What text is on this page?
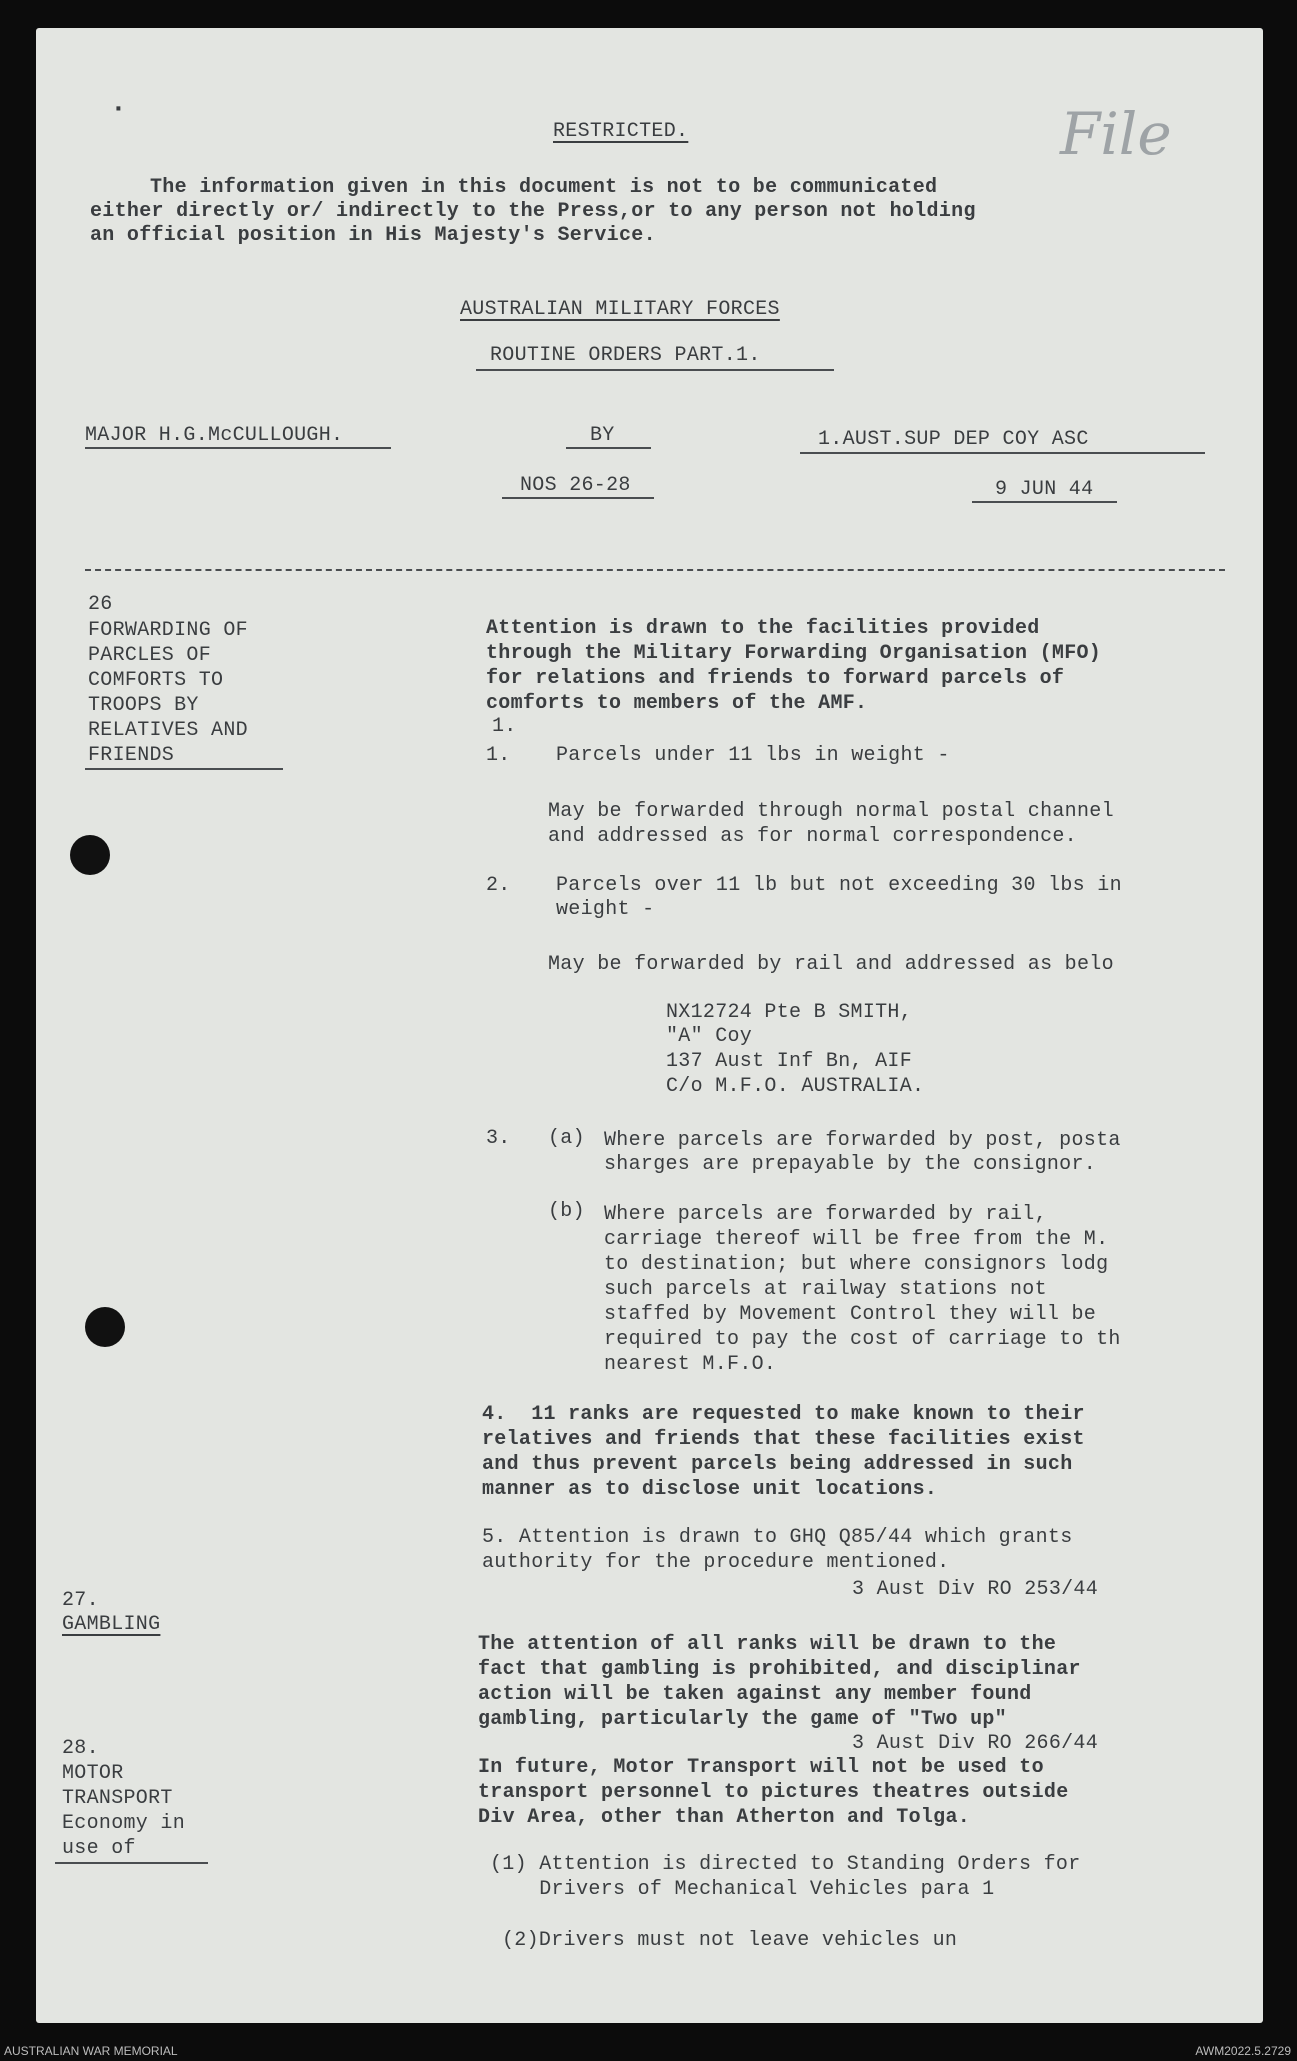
File
·
RESTRICTED.
The information given in this document is not to be communicated
either directly or/ indirectly to the Press,or to any person not holding
an official position in His Majesty's Service.
AUSTRALIAN MILITARY FORCES
ROUTINE ORDERS PART.1.
MAJOR H.G.McCULLOUGH.	BY	1.AUST.SUP DEP COY ASC
NOS 26-28	9 JUN 44
26
FORWARDING OF
PARCLES OF
COMFORTS TO
TROOPS BY
RELATIVES AND
FRIENDS
Attention is drawn to the facilities provided
through the Military Forwarding Organisation (MFO)
for relations and friends to forward parcels of
comforts to members of the AMF.
1.
1. Parcels under 11 lbs in weight -
May be forwarded through normal postal channel
and addressed as for normal correspondence.
2. Parcels over 11 lb but not exceeding 30 lbs in
weight -
May be forwarded by rail and addressed as belo
NX12724 Pte B SMITH,
"A" Coy
137 Aust Inf Bn, AIF
C/o M.F.O. AUSTRALIA.
3. (a) Where parcels are forwarded by post, posta
sharges are prepayable by the consignor.
(b) Where parcels are forwarded by rail,
carriage thereof will be free from the M.
to destination; but where consignors lodg
such parcels at railway stations not
staffed by Movement Control they will be
required to pay the cost of carriage to th
nearest M.F.O.
4.  11 ranks are requested to make known to their
relatives and friends that these facilities exist
and thus prevent parcels being addressed in such
manner as to disclose unit locations.
5. Attention is drawn to GHQ Q85/44 which grants
authority for the procedure mentioned.
3 Aust Div RO 253/44
27.
GAMBLING
The attention of all ranks will be drawn to the
fact that gambling is prohibited, and disciplinar
action will be taken against any member found
gambling, particularly the game of "Two up"
3 Aust Div RO 266/44
28.
MOTOR
TRANSPORT
Economy in
use of
In future, Motor Transport will not be used to
transport personnel to pictures theatres outside
Div Area, other than Atherton and Tolga.
(1) Attention is directed to Standing Orders for
Drivers of Mechanical Vehicles para 1
(2)Drivers must not leave vehicles un
AUSTRALIAN WAR MEMORIAL	AWM2022.5.2729
